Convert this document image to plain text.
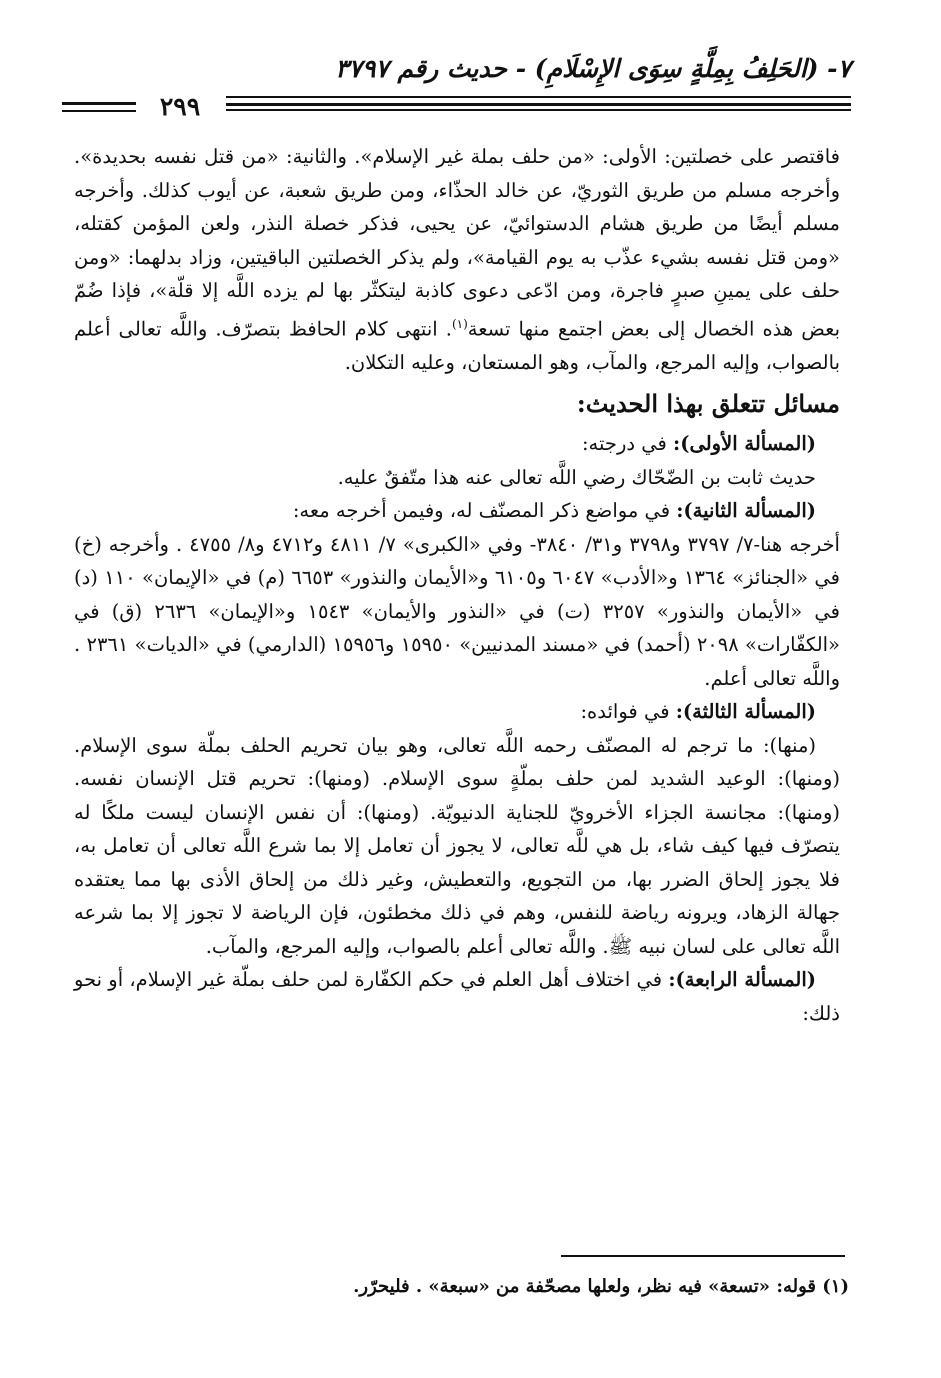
٧- (الحَلِفُ بِمِلَّةٍ سِوَى الإِسْلَامِ) - حديث رقم ٣٧٩٧
٢٩٩

فاقتصر على خصلتين: الأولى: «من حلف بملة غير الإسلام». والثانية: «من قتل نفسه بحديدة». وأخرجه مسلم من طريق الثوريّ، عن خالد الحذّاء، ومن طريق شعبة، عن أيوب كذلك. وأخرجه مسلم أيضًا من طريق هشام الدستوائيّ، عن يحيى، فذكر خصلة النذر، ولعن المؤمن كقتله، «ومن قتل نفسه بشيء عذّب به يوم القيامة»، ولم يذكر الخصلتين الباقيتين، وزاد بدلهما: «ومن حلف على يمينِ صبرٍ فاجرة، ومن ادّعى دعوى كاذبة ليتكثّر بها لم يزده اللَّه إلا قلّة»، فإذا ضُمّ بعض هذه الخصال إلى بعض اجتمع منها تسعة$^{(١)}$. انتهى كلام الحافظ بتصرّف. واللَّه تعالى أعلم بالصواب، وإليه المرجع، والمآب، وهو المستعان، وعليه التكلان.

مسائل تتعلق بهذا الحديث:

(المسألة الأولى): في درجته:

حديث ثابت بن الضّحّاك رضي اللَّه تعالى عنه هذا متّفقٌ عليه.

(المسألة الثانية): في مواضع ذكر المصنّف له، وفيمن أخرجه معه:

أخرجه هنا-٧/ ٣٧٩٧ و٣٧٩٨ و٣١/ ٣٨٤٠- وفي «الكبرى» ٧/ ٤٨١١ و٤٧١٢ و٨/ ٤٧٥٥ . وأخرجه (خ) في «الجنائز» ١٣٦٤ و«الأدب» ٦٠٤٧ و٦١٠٥ و«الأيمان والنذور» ٦٦٥٣ (م) في «الإيمان» ١١٠ (د) في «الأيمان والنذور» ٣٢٥٧ (ت) في «النذور والأيمان» ١٥٤٣ و«الإيمان» ٢٦٣٦ (ق) في «الكفّارات» ٢٠٩٨ (أحمد) في «مسند المدنيين» ١٥٩٥٠ و١٥٩٥٦ (الدارمي) في «الديات» ٢٣٦١ . واللَّه تعالى أعلم.

(المسألة الثالثة): في فوائده:

(منها): ما ترجم له المصنّف رحمه اللَّه تعالى، وهو بيان تحريم الحلف بملّة سوى الإسلام. (ومنها): الوعيد الشديد لمن حلف بملّةٍ سوى الإسلام. (ومنها): تحريم قتل الإنسان نفسه. (ومنها): مجانسة الجزاء الأخرويّ للجناية الدنيويّة. (ومنها): أن نفس الإنسان ليست ملكًا له يتصرّف فيها كيف شاء، بل هي للَّه تعالى، لا يجوز أن تعامل إلا بما شرع اللَّه تعالى أن تعامل به، فلا يجوز إلحاق الضرر بها، من التجويع، والتعطيش، وغير ذلك من إلحاق الأذى بها مما يعتقده جهالة الزهاد، ويرونه رياضة للنفس، وهم في ذلك مخطئون، فإن الرياضة لا تجوز إلا بما شرعه اللَّه تعالى على لسان نبيه ﷺ. واللَّه تعالى أعلم بالصواب، وإليه المرجع، والمآب.

(المسألة الرابعة): في اختلاف أهل العلم في حكم الكفّارة لمن حلف بملّة غير الإسلام، أو نحو ذلك:

(١) قوله: «تسعة» فيه نظر، ولعلها مصحّفة من «سبعة» . فليحرّر.
